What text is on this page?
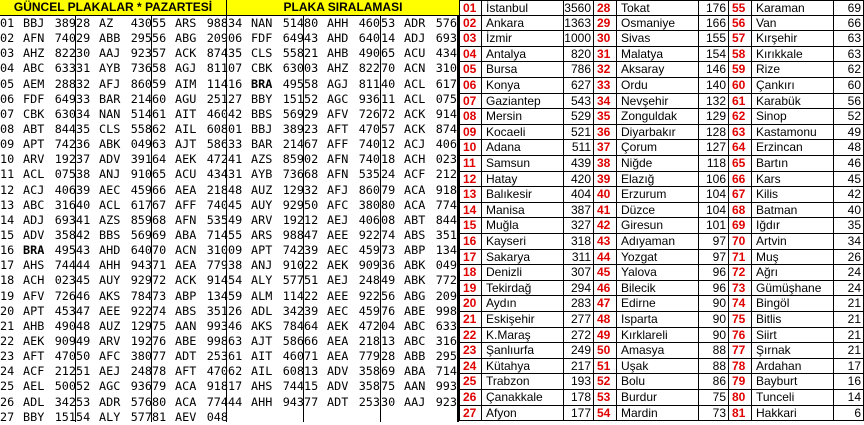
GÜNCEL PLAKALAR * PAZARTESİ	PLAKA SIRALAMASI
01 BBJ 389
02 AFN 740
03 AHZ 822
04 ABC 633
05 AEM 288
06 FDF 649
07 CBK 630
08 ABT 844
09 APT 742
10 ARV 192
11 ACL 075
12 ACJ 406
13 ABC 316
14 ADJ 693
15 ADV 358
16 BRA 495
17 AHS 744
18 ACH 023
19 AFV 726
20 APT 453
21 AHB 490
22 AEK 909
23 AFT 470
24 ACF 212
25 AEL 500
26 ADL 342
27 BBY 151
28 AZ	430
29 ABB 295
30 AAJ 923
31 AYB 736
32 AFJ 860
33 BAR 214
34 NAN 514
35 CLS 558
36 ABK 049
37 ADV 391
38 ANJ 910
39 AEC 459
40 ACL 617
41 AZS 859
42 BBS 569
43 AHD 640
44 AHH 943
45 AUY 929
46 AKS 784
47 AEE 922
48 AUZ 129
49 ARV 192
50 AFC 380
51 AEJ 248
52 AGC 936
53 ADR 576
54 ALY 577
55 ARS 988
56 ABG 209
57 ACK 874
58 AGJ 811
59 AIM 114
60 AGU 251
61 AIT 460
62 AIL 608
63 AJT 586
64 AEK 472
65 ACU 434
66 AEA 218
67 AFF 740
68 AFN 535
69 ABA 714
70 ACN 310
71 AEA 779
72 ACK 914
73 ABP 134
74 ABS 351
75 AAN 993
76 ABE 998
77 ADT 253
78 AFT 470
79 ACA 918
80 ACA 774
81 AEV 048
34 NAN 514
06 FDF 649
35 CLS 558
07 CBK 630
16 BRA 495
27 BBY 151
42 BBS 569
01 BBJ 389
33 BAR 214
41 AZS 859
31 AYB 736
48 AUZ 129
45 AUY 929
49 ARV 192
55 ARS 988
09 APT 742
38 ANJ 910
54 ALY 577
59 ALM 114
26 ADL 342
46 AKS 784
63 AJT 586
61 AIT 460
62 AIL 608
17 AHS 744
44 AHH 943
80 AHH 460
43 AHD 640
21 AHB 490
03 AHZ 822
58 AGJ 811
52 AGC 936
29 AFV 726
23 AFT 470
67 AFF 740
02 AFN 740
68 AFN 535
32 AFJ 860
50 AFC 380
12 AEJ 406
47 AEE 922
39 AEC 459
22 AEK 909
51 AEJ 248
22 AEE 922
39 AEC 459
64 AEK 472
66 AEA 218
71 AEA 779
13 ADV 358
15 ADV 358
77 ADT 253
53 ADR 576
14 ADJ 693
65 ACU 434
70 ACN 310
40 ACL 617
11 ACL 075
72 ACK 914
57 ACK 874
12 ACJ 406
18 ACH 023
24 ACF 212
79 ACA 918
80 ACA 774
08 ABT 844
74 ABS 351
73 ABP 134
36 ABK 049
49 ABK 772
56 ABG 209
76 ABE 998
04 ABC 633
13 ABC 316
28 ABB 295
69 ABA 714
75 AAN 993
30 AAJ 923
01 İstanbul	3560
02 Ankara	1363
03 İzmir	1000
04 Antalya	820
05 Bursa	786
06 Konya	627
07 Gaziantep	543
08 Mersin	529
09 Kocaeli	521
10 Adana	511
11 Samsun	439
12 Hatay	420
13 Balıkesir	404
14 Manisa	387
15 Muğla	327
16 Kayseri	318
17 Sakarya	311
18 Denizli	307
19 Tekirdağ	294
20 Aydın	283
21 Eskişehir	277
22 K.Maraş	272
23 Şanlıurfa	249
24 Kütahya	217
25 Trabzon	193
26 Çanakkale	178
27 Afyon	177
28 Tokat	176
29 Osmaniye	166
30 Sivas	155
31 Malatya	154
32 Aksaray	146
33 Ordu	140
34 Nevşehir	132
35 Zonguldak	129
36 Diyarbakır	128
37 Çorum	127
38 Niğde	118
39 Elazığ	106
40 Erzurum	104
41 Düzce	104
42 Giresun	101
43 Adıyaman	97
44 Yozgat	97
45 Yalova	96
46 Bilecik	96
47 Edirne	90
48 Isparta	90
49 Kırklareli	90
50 Amasya	88
51 Uşak	88
52 Bolu	86
53 Burdur	75
54 Mardin	73
55 Karaman	69
56 Van	66
57 Kırşehir	63
58 Kırıkkale	63
59 Rize	62
60 Çankırı	60
61 Karabük	56
62 Sinop	52
63 Kastamonu	49
64 Erzincan	48
65 Bartın	46
66 Kars	45
67 Kilis	42
68 Batman	40
69 Iğdır	35
70 Artvin	34
71 Muş	26
72 Ağrı	24
73 Gümüşhane	24
74 Bingöl	21
75 Bitlis	21
76 Siirt	21
77 Şırnak	21
78 Ardahan	17
79 Bayburt	16
80 Tunceli	14
81 Hakkari	6
